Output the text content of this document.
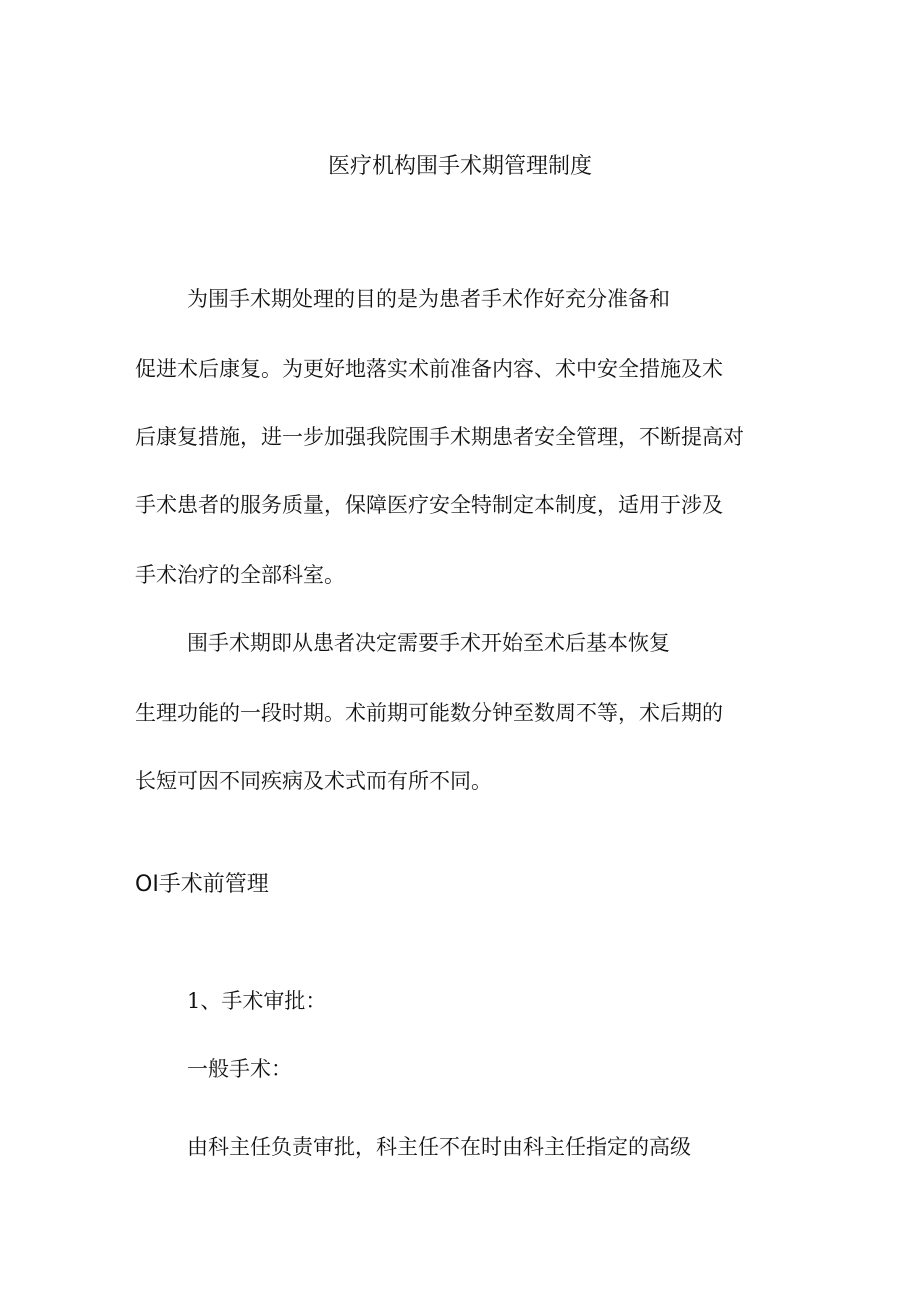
医疗机构围手术期管理制度
为围手术期处理的目的是为患者手术作好充分准备和
促进术后康复。为更好地落实术前准备内容、术中安全措施及术
后康复措施，进一步加强我院围手术期患者安全管理，不断提高对
手术患者的服务质量，保障医疗安全特制定本制度，适用于涉及
手术治疗的全部科室。
围手术期即从患者决定需要手术开始至术后基本恢复
生理功能的一段时期。术前期可能数分钟至数周不等，术后期的
长短可因不同疾病及术式而有所不同。
OI手术前管理
1、手术审批：
一般手术：
由科主任负责审批，科主任不在时由科主任指定的高级
